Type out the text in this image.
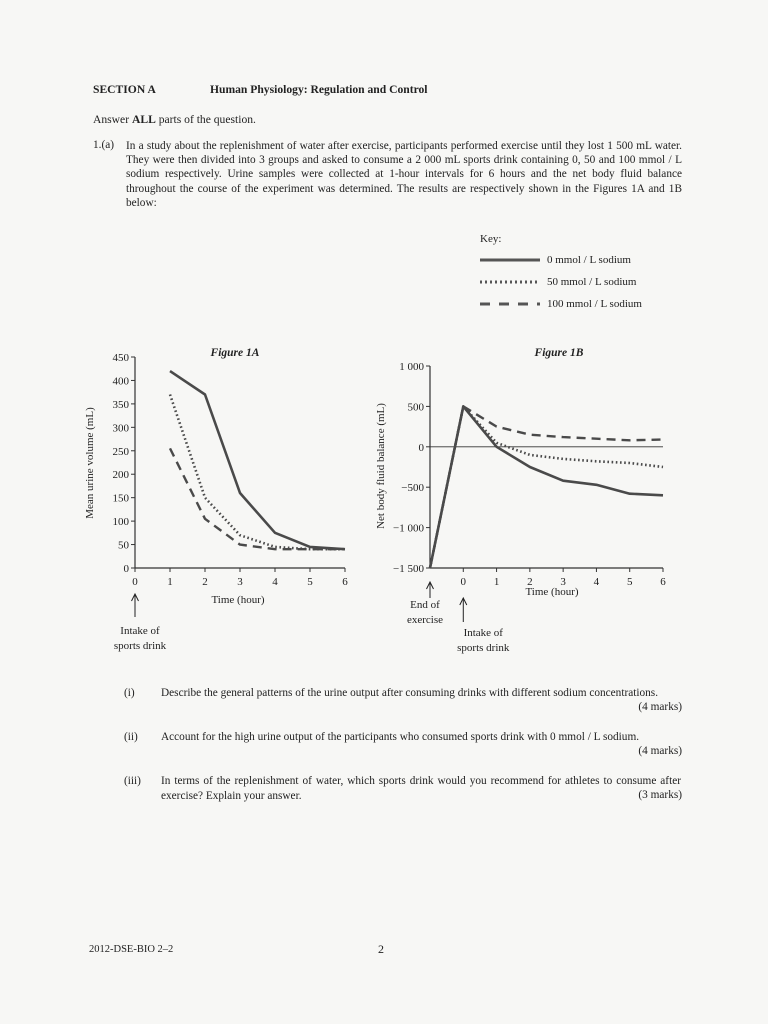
SECTION A	Human Physiology: Regulation and Control
Answer ALL parts of the question.
1.(a) In a study about the replenishment of water after exercise, participants performed exercise until they lost 1 500 mL water. They were then divided into 3 groups and asked to consume a 2 000 mL sports drink containing 0, 50 and 100 mmol / L sodium respectively. Urine samples were collected at 1-hour intervals for 6 hours and the net body fluid balance throughout the course of the experiment was determined. The results are respectively shown in the Figures 1A and 1B below:
Key:
0 mmol / L sodium
50 mmol / L sodium
100 mmol / L sodium
Figure 1A
0
50
100
150
200
250
300
350
400
450
0	1	2	3	4	5	6
Time (hour)
Mean urine volume (mL)
Intake of
sports drink
Figure 1B
−1 500
−1 000
−500
0
500
1 000
0	1	2	3	4	5	6
Time (hour)
Net body fluid balance (mL)
End of
exercise
Intake of
sports drink
(i)	Describe the general patterns of the urine output after consuming drinks with different sodium concentrations.
(4 marks)
(ii)	Account for the high urine output of the participants who consumed sports drink with 0 mmol / L sodium.
(4 marks)
(iii)	In terms of the replenishment of water, which sports drink would you recommend for athletes to consume after exercise? Explain your answer.	(3 marks)
2012-DSE-BIO 2–2	2
